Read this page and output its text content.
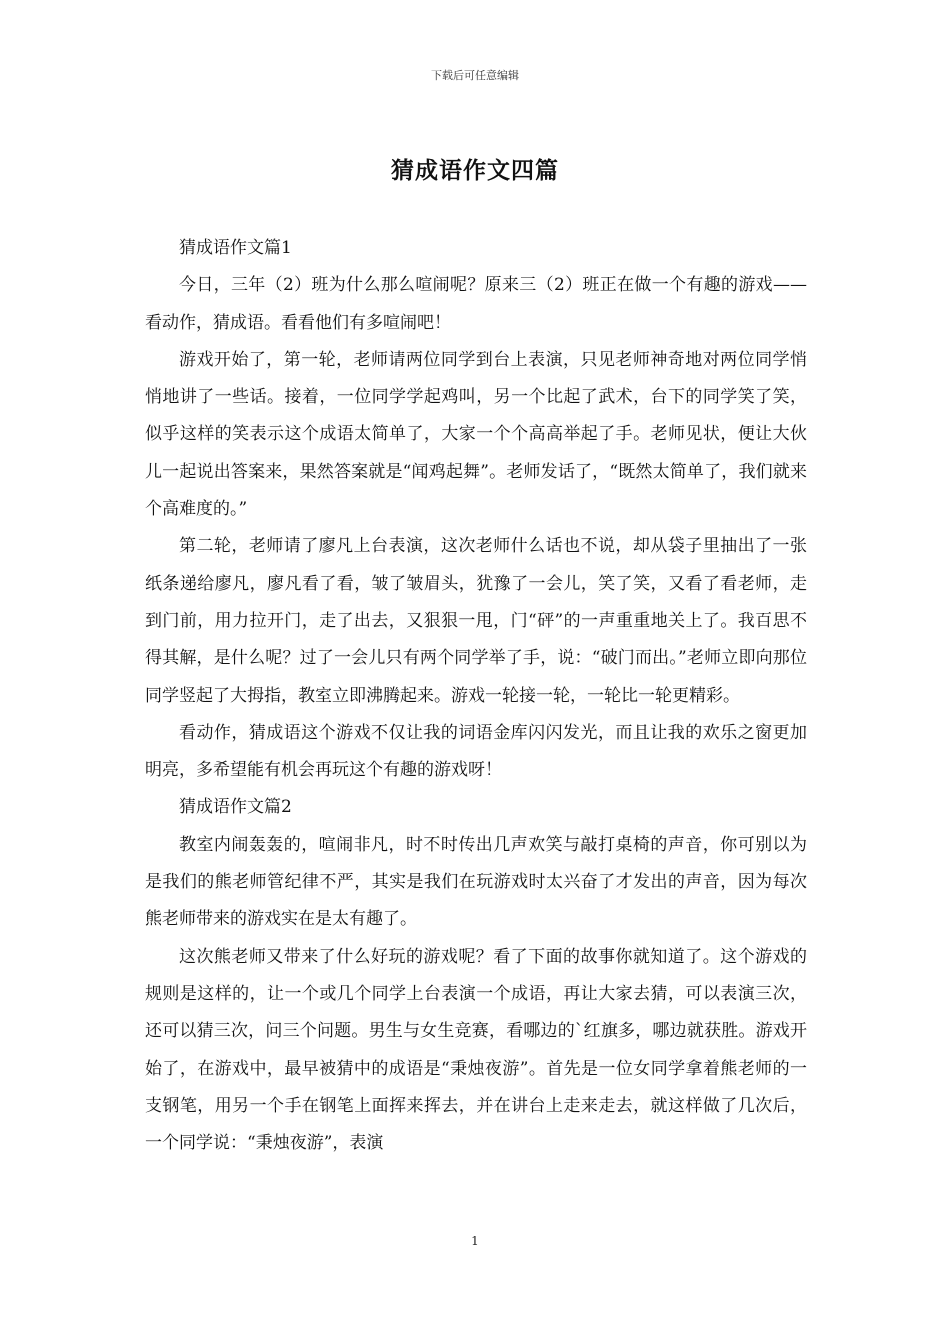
下载后可任意编辑
猜成语作文四篇

猜成语作文篇1

今日，三年（2）班为什么那么喧闹呢？原来三（2）班正在做一个有趣的游戏——看动作，猜成语。看看他们有多喧闹吧！

游戏开始了，第一轮，老师请两位同学到台上表演，只见老师神奇地对两位同学悄悄地讲了一些话。接着，一位同学学起鸡叫，另一个比起了武术，台下的同学笑了笑，似乎这样的笑表示这个成语太简单了，大家一个个高高举起了手。老师见状，便让大伙儿一起说出答案来，果然答案就是“闻鸡起舞”。老师发话了，“既然太简单了，我们就来个高难度的。”

第二轮，老师请了廖凡上台表演，这次老师什么话也不说，却从袋子里抽出了一张纸条递给廖凡，廖凡看了看，皱了皱眉头，犹豫了一会儿，笑了笑，又看了看老师，走到门前，用力拉开门，走了出去，又狠狠一甩，门“砰”的一声重重地关上了。我百思不得其解，是什么呢？过了一会儿只有两个同学举了手，说：“破门而出。”老师立即向那位同学竖起了大拇指，教室立即沸腾起来。游戏一轮接一轮，一轮比一轮更精彩。

看动作，猜成语这个游戏不仅让我的词语金库闪闪发光，而且让我的欢乐之窗更加明亮，多希望能有机会再玩这个有趣的游戏呀！

猜成语作文篇2

教室内闹轰轰的，喧闹非凡，时不时传出几声欢笑与敲打桌椅的声音，你可别以为是我们的熊老师管纪律不严，其实是我们在玩游戏时太兴奋了才发出的声音，因为每次熊老师带来的游戏实在是太有趣了。

这次熊老师又带来了什么好玩的游戏呢？看了下面的故事你就知道了。这个游戏的规则是这样的，让一个或几个同学上台表演一个成语，再让大家去猜，可以表演三次，还可以猜三次，问三个问题。男生与女生竞赛，看哪边的`红旗多，哪边就获胜。游戏开始了，在游戏中，最早被猜中的成语是“秉烛夜游”。首先是一位女同学拿着熊老师的一支钢笔，用另一个手在钢笔上面挥来挥去，并在讲台上走来走去，就这样做了几次后，一个同学说：“秉烛夜游”，表演

1
